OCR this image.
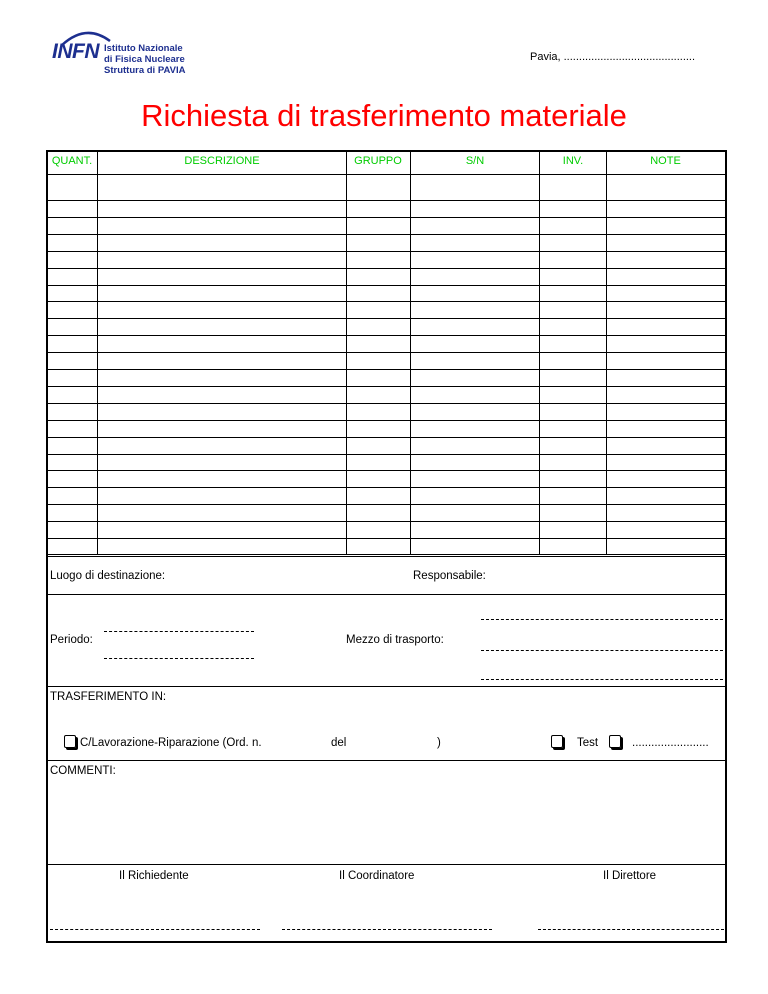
INFN Istituto Nazionale
di Fisica Nucleare
Struttura di PAVIA
Pavia, ...........................................
Richiesta di trasferimento materiale
QUANT.	DESCRIZIONE	GRUPPO	S/N	INV.	NOTE
Luogo di destinazione:	Responsabile:
Periodo:	Mezzo di trasporto:
TRASFERIMENTO IN:
C/Lavorazione-Riparazione (Ord. n.	del	)	Test	........................
COMMENTI:
Il Richiedente	Il Coordinatore	Il Direttore
